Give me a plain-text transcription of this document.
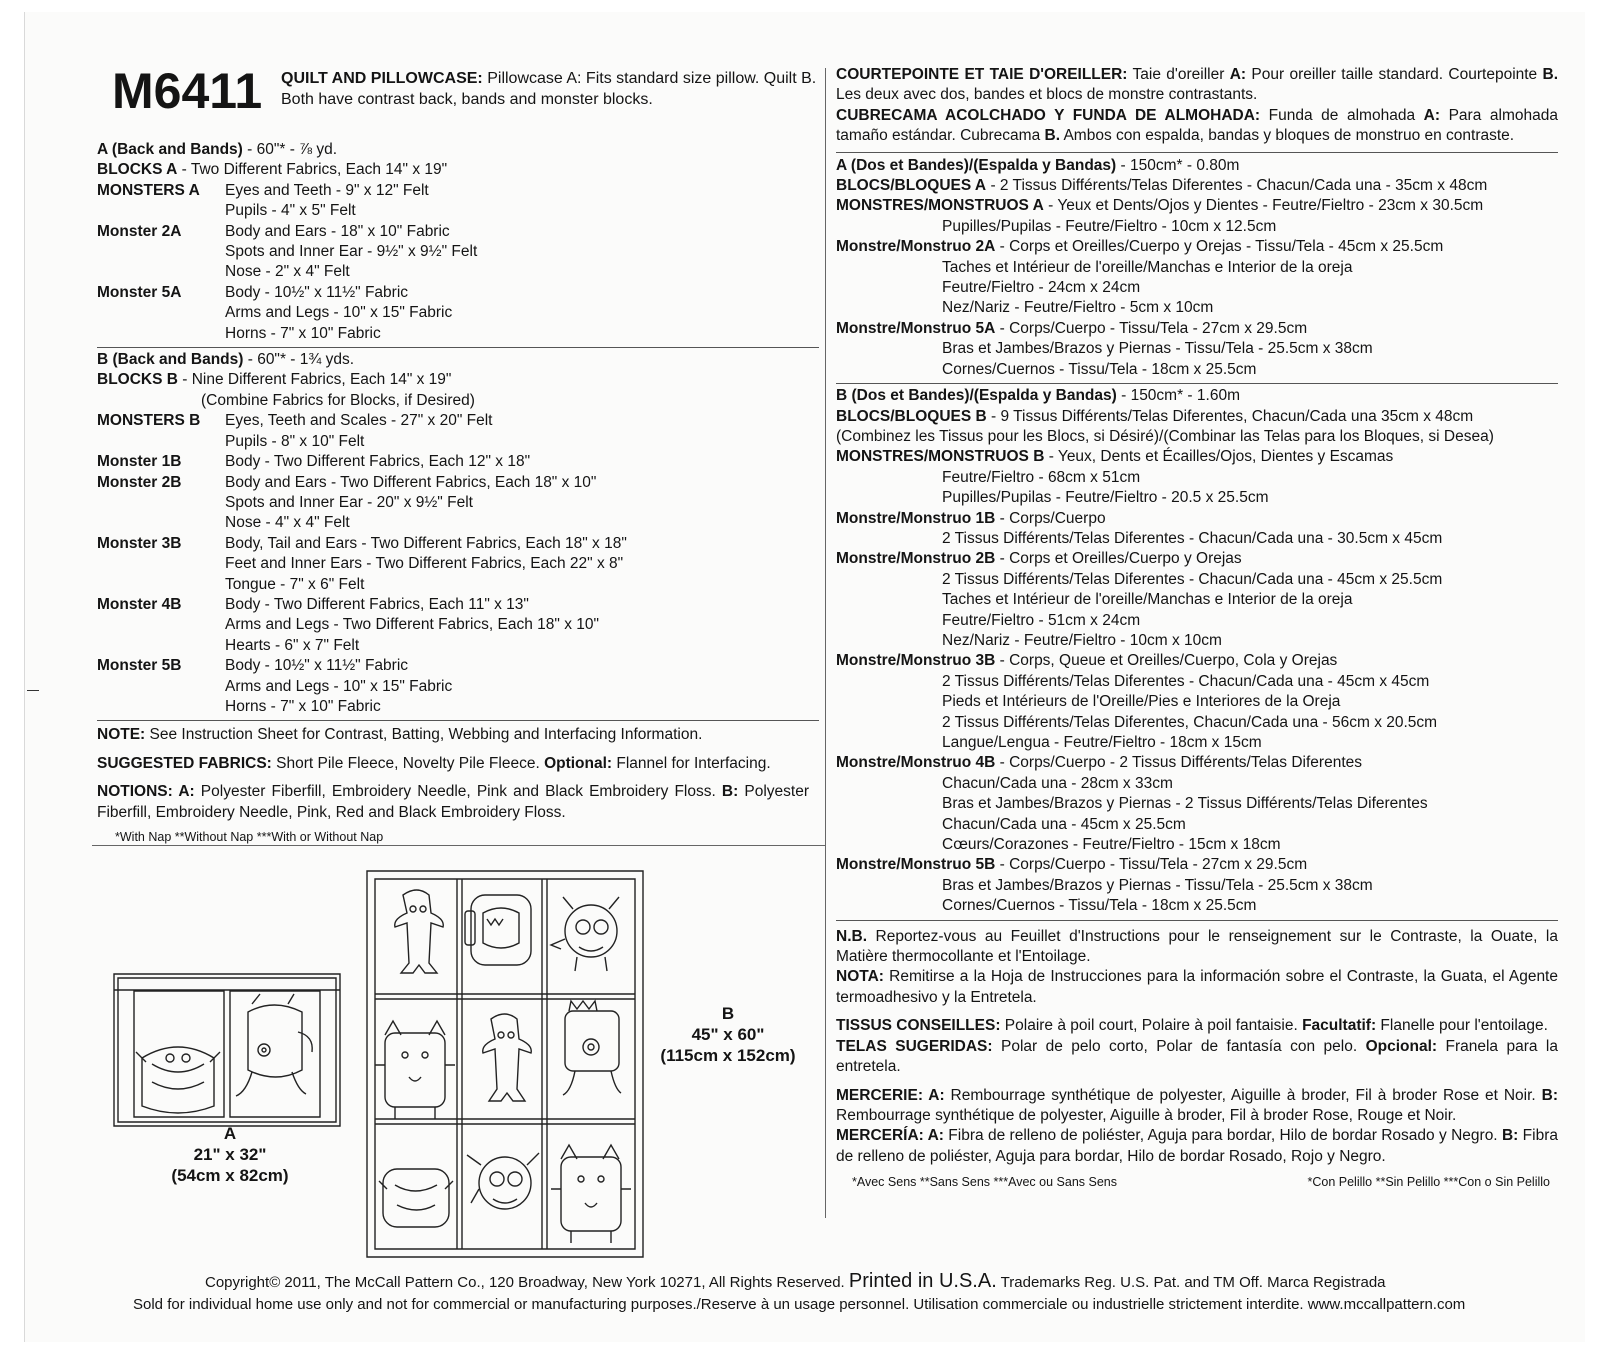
M6411 QUILT AND PILLOWCASE: Pillowcase A: Fits standard size pillow. Quilt B. Both have contrast back, bands and monster blocks.
A (Back and Bands) - 60"* - ⅞ yd.
BLOCKS A - Two Different Fabrics, Each 14" x 19"
MONSTERS A	Eyes and Teeth - 9" x 12" Felt
Pupils - 4" x 5" Felt
Monster 2A	Body and Ears - 18" x 10" Fabric
Spots and Inner Ear - 9½" x 9½" Felt
Nose - 2" x 4" Felt
Monster 5A	Body - 10½" x 11½" Fabric
Arms and Legs - 10" x 15" Fabric
Horns - 7" x 10" Fabric
B (Back and Bands) - 60"* - 1¾ yds.
BLOCKS B - Nine Different Fabrics, Each 14" x 19"
(Combine Fabrics for Blocks, if Desired)
MONSTERS B	Eyes, Teeth and Scales - 27" x 20" Felt
Pupils - 8" x 10" Felt
Monster 1B	Body - Two Different Fabrics, Each 12" x 18"
Monster 2B	Body and Ears - Two Different Fabrics, Each 18" x 10"
Spots and Inner Ear - 20" x 9½" Felt
Nose - 4" x 4" Felt
Monster 3B	Body, Tail and Ears - Two Different Fabrics, Each 18" x 18"
Feet and Inner Ears - Two Different Fabrics, Each 22" x 8"
Tongue - 7" x 6" Felt
Monster 4B	Body - Two Different Fabrics, Each 11" x 13"
Arms and Legs - Two Different Fabrics, Each 18" x 10"
Hearts - 6" x 7" Felt
Monster 5B	Body - 10½" x 11½" Fabric
Arms and Legs - 10" x 15" Fabric
Horns - 7" x 10" Fabric
NOTE: See Instruction Sheet for Contrast, Batting, Webbing and Interfacing Information.
SUGGESTED FABRICS: Short Pile Fleece, Novelty Pile Fleece. Optional: Flannel for Interfacing.
NOTIONS: A: Polyester Fiberfill, Embroidery Needle, Pink and Black Embroidery Floss. B: Polyester Fiberfill, Embroidery Needle, Pink, Red and Black Embroidery Floss.
*With Nap **Without Nap ***With or Without Nap
COURTEPOINTE ET TAIE D'OREILLER: Taie d'oreiller A: Pour oreiller taille standard. Courtepointe B. Les deux avec dos, bandes et blocs de monstre contrastants.
CUBRECAMA ACOLCHADO Y FUNDA DE ALMOHADA: Funda de almohada A: Para almohada tamaño estándar. Cubrecama B. Ambos con espalda, bandas y bloques de monstruo en contraste.
A (Dos et Bandes)/(Espalda y Bandas) - 150cm* - 0.80m
BLOCS/BLOQUES A - 2 Tissus Différents/Telas Diferentes - Chacun/Cada una - 35cm x 48cm
MONSTRES/MONSTRUOS A - Yeux et Dents/Ojos y Dientes - Feutre/Fieltro - 23cm x 30.5cm
Pupilles/Pupilas - Feutre/Fieltro - 10cm x 12.5cm
Monstre/Monstruo 2A - Corps et Oreilles/Cuerpo y Orejas - Tissu/Tela - 45cm x 25.5cm
Taches et Intérieur de l'oreille/Manchas e Interior de la oreja
Feutre/Fieltro - 24cm x 24cm
Nez/Nariz - Feutre/Fieltro - 5cm x 10cm
Monstre/Monstruo 5A - Corps/Cuerpo - Tissu/Tela - 27cm x 29.5cm
Bras et Jambes/Brazos y Piernas - Tissu/Tela - 25.5cm x 38cm
Cornes/Cuernos - Tissu/Tela - 18cm x 25.5cm
B (Dos et Bandes)/(Espalda y Bandas) - 150cm* - 1.60m
BLOCS/BLOQUES B - 9 Tissus Différents/Telas Diferentes, Chacun/Cada una 35cm x 48cm
(Combinez les Tissus pour les Blocs, si Désiré)/(Combinar las Telas para los Bloques, si Desea)
MONSTRES/MONSTRUOS B - Yeux, Dents et Écailles/Ojos, Dientes y Escamas
Feutre/Fieltro - 68cm x 51cm
Pupilles/Pupilas - Feutre/Fieltro - 20.5 x 25.5cm
Monstre/Monstruo 1B - Corps/Cuerpo
2 Tissus Différents/Telas Diferentes - Chacun/Cada una - 30.5cm x 45cm
Monstre/Monstruo 2B - Corps et Oreilles/Cuerpo y Orejas
2 Tissus Différents/Telas Diferentes - Chacun/Cada una - 45cm x 25.5cm
Taches et Intérieur de l'oreille/Manchas e Interior de la oreja
Feutre/Fieltro - 51cm x 24cm
Nez/Nariz - Feutre/Fieltro - 10cm x 10cm
Monstre/Monstruo 3B - Corps, Queue et Oreilles/Cuerpo, Cola y Orejas
2 Tissus Différents/Telas Diferentes - Chacun/Cada una - 45cm x 45cm
Pieds et Intérieurs de l'Oreille/Pies e Interiores de la Oreja
2 Tissus Différents/Telas Diferentes, Chacun/Cada una - 56cm x 20.5cm
Langue/Lengua - Feutre/Fieltro - 18cm x 15cm
Monstre/Monstruo 4B - Corps/Cuerpo - 2 Tissus Différents/Telas Diferentes
Chacun/Cada una - 28cm x 33cm
Bras et Jambes/Brazos y Piernas - 2 Tissus Différents/Telas Diferentes
Chacun/Cada una - 45cm x 25.5cm
Cœurs/Corazones - Feutre/Fieltro - 15cm x 18cm
Monstre/Monstruo 5B - Corps/Cuerpo - Tissu/Tela - 27cm x 29.5cm
Bras et Jambes/Brazos y Piernas - Tissu/Tela - 25.5cm x 38cm
Cornes/Cuernos - Tissu/Tela - 18cm x 25.5cm
N.B. Reportez-vous au Feuillet d'Instructions pour le renseignement sur le Contraste, la Ouate, la Matière thermocollante et l'Entoilage.
NOTA: Remitirse a la Hoja de Instrucciones para la información sobre el Contraste, la Guata, el Agente termoadhesivo y la Entretela.
TISSUS CONSEILLES: Polaire à poil court, Polaire à poil fantaisie. Facultatif: Flanelle pour l'entoilage.
TELAS SUGERIDAS: Polar de pelo corto, Polar de fantasía con pelo. Opcional: Franela para la entretela.
MERCERIE: A: Rembourrage synthétique de polyester, Aiguille à broder, Fil à broder Rose et Noir. B: Rembourrage synthétique de polyester, Aiguille à broder, Fil à broder Rose, Rouge et Noir.
MERCERÍA: A: Fibra de relleno de poliéster, Aguja para bordar, Hilo de bordar Rosado y Negro. B: Fibra de relleno de poliéster, Aguja para bordar, Hilo de bordar Rosado, Rojo y Negro.
*Avec Sens **Sans Sens ***Avec ou Sans Sens	*Con Pelillo **Sin Pelillo ***Con o Sin Pelillo
A
21" x 32"
(54cm x 82cm)
B
45" x 60"
(115cm x 152cm)
Copyright© 2011, The McCall Pattern Co., 120 Broadway, New York 10271, All Rights Reserved. Printed in U.S.A. Trademarks Reg. U.S. Pat. and TM Off. Marca Registrada
Sold for individual home use only and not for commercial or manufacturing purposes./Reserve à un usage personnel. Utilisation commerciale ou industrielle strictement interdite. www.mccallpattern.com
